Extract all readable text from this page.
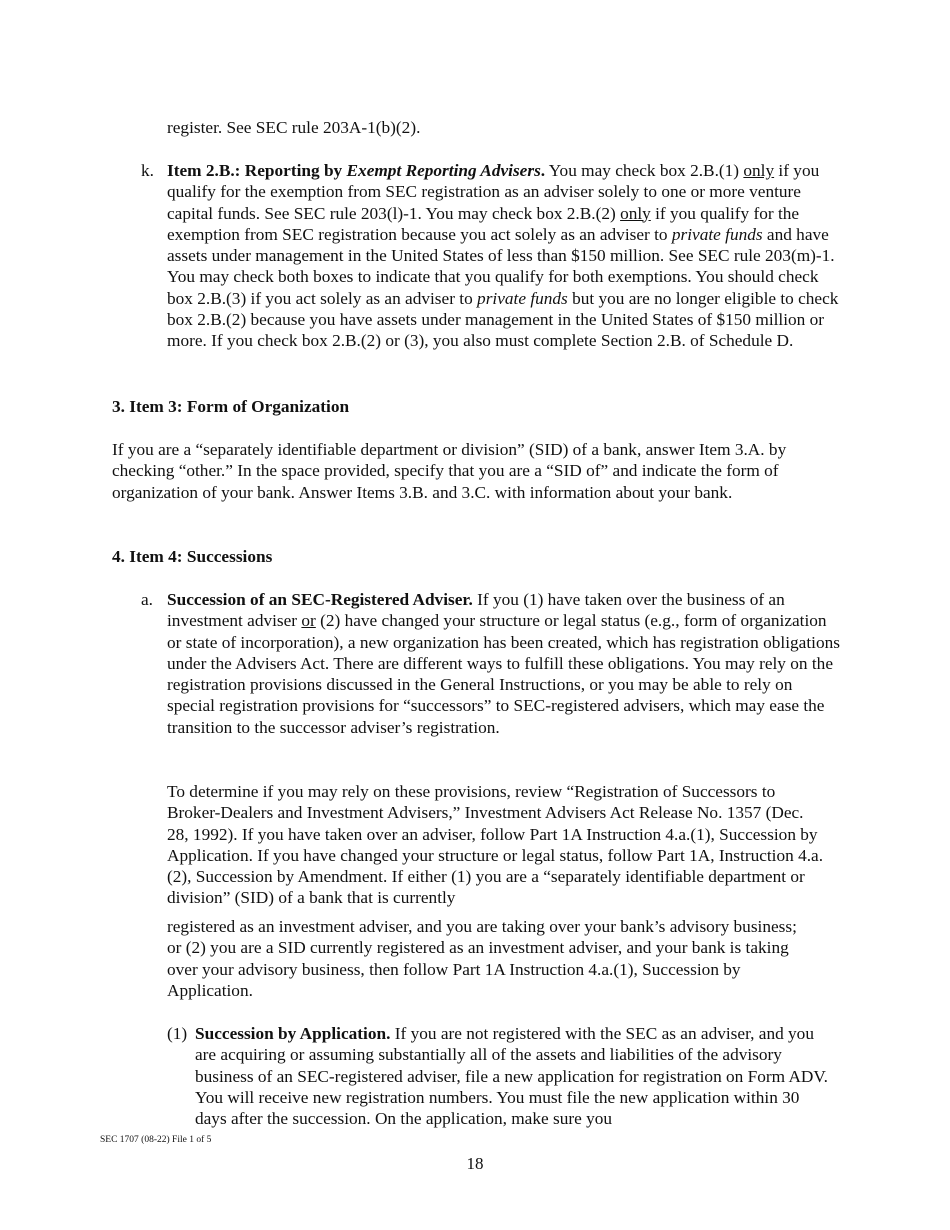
register. See SEC rule 203A-1(b)(2).

k. Item 2.B.: Reporting by Exempt Reporting Advisers. You may check box 2.B.(1) only if you qualify for the exemption from SEC registration as an adviser solely to one or more venture capital funds. See SEC rule 203(l)-1. You may check box 2.B.(2) only if you qualify for the exemption from SEC registration because you act solely as an adviser to private funds and have assets under management in the United States of less than $150 million. See SEC rule 203(m)-1. You may check both boxes to indicate that you qualify for both exemptions. You should check box 2.B.(3) if you act solely as an adviser to private funds but you are no longer eligible to check box 2.B.(2) because you have assets under management in the United States of $150 million or more. If you check box 2.B.(2) or (3), you also must complete Section 2.B. of Schedule D.

3. Item 3: Form of Organization

If you are a “separately identifiable department or division” (SID) of a bank, answer Item 3.A. by checking “other.” In the space provided, specify that you are a “SID of” and indicate the form of organization of your bank. Answer Items 3.B. and 3.C. with information about your bank.

4. Item 4: Successions

a. Succession of an SEC-Registered Adviser. If you (1) have taken over the business of an investment adviser or (2) have changed your structure or legal status (e.g., form of organization or state of incorporation), a new organization has been created, which has registration obligations under the Advisers Act. There are different ways to fulfill these obligations. You may rely on the registration provisions discussed in the General Instructions, or you may be able to rely on special registration provisions for “successors” to SEC-registered advisers, which may ease the transition to the successor adviser’s registration.

To determine if you may rely on these provisions, review “Registration of Successors to Broker-Dealers and Investment Advisers,” Investment Advisers Act Release No. 1357 (Dec. 28, 1992). If you have taken over an adviser, follow Part 1A Instruction 4.a.(1), Succession by Application. If you have changed your structure or legal status, follow Part 1A, Instruction 4.a.(2), Succession by Amendment. If either (1) you are a “separately identifiable department or division” (SID) of a bank that is currently

registered as an investment adviser, and you are taking over your bank’s advisory business; or (2) you are a SID currently registered as an investment adviser, and your bank is taking over your advisory business, then follow Part 1A Instruction 4.a.(1), Succession by Application.

(1) Succession by Application. If you are not registered with the SEC as an adviser, and you are acquiring or assuming substantially all of the assets and liabilities of the advisory business of an SEC-registered adviser, file a new application for registration on Form ADV. You will receive new registration numbers. You must file the new application within 30 days after the succession. On the application, make sure you

SEC 1707 (08-22) File 1 of 5
18
